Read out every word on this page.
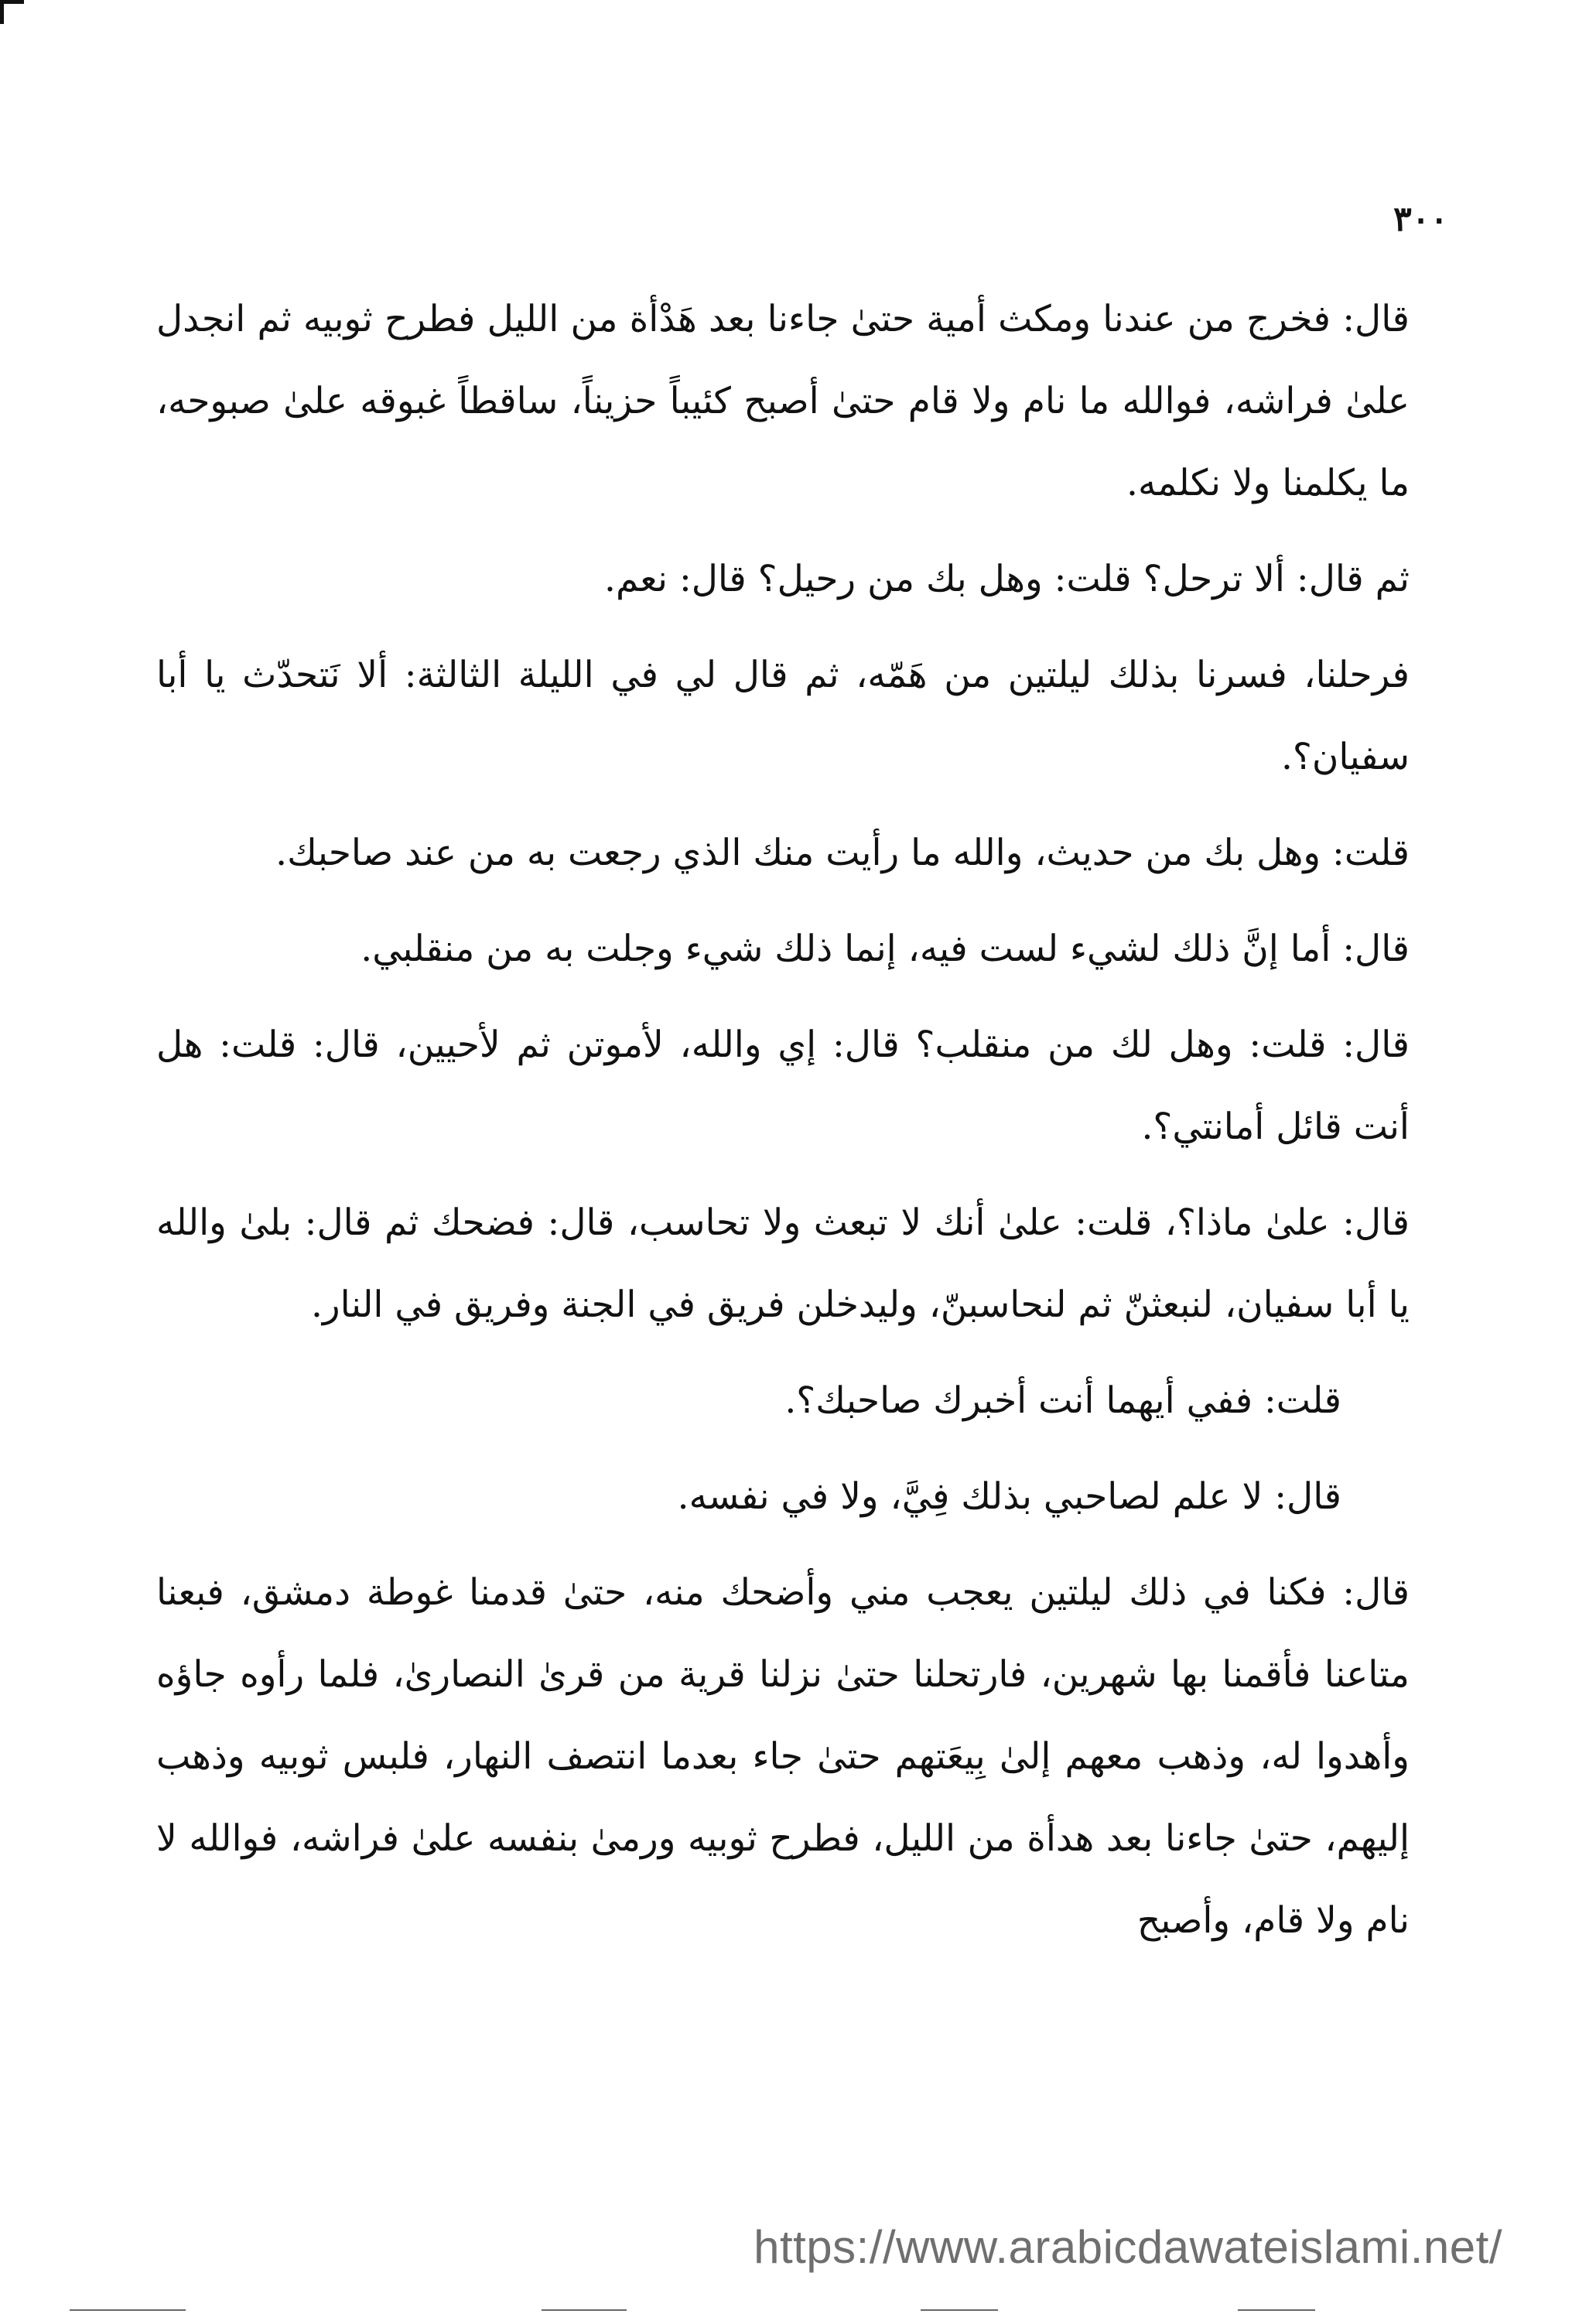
٣٠٠

قال: فخرج من عندنا ومكث أمية حتىٰ جاءنا بعد هَدْأة من الليل فطرح ثوبيه ثم انجدل علىٰ فراشه، فوالله ما نام ولا قام حتىٰ أصبح كئيباً حزيناً، ساقطاً غبوقه علىٰ صبوحه، ما يكلمنا ولا نكلمه.

ثم قال: ألا ترحل؟ قلت: وهل بك من رحيل؟ قال: نعم.

فرحلنا، فسرنا بذلك ليلتين من هَمّه، ثم قال لي في الليلة الثالثة: ألا نَتحدّث يا أبا سفيان؟.

قلت: وهل بك من حديث، والله ما رأيت منك الذي رجعت به من عند صاحبك.

قال: أما إنَّ ذلك لشيء لست فيه، إنما ذلك شيء وجلت به من منقلبي.

قال: قلت: وهل لك من منقلب؟ قال: إي والله، لأموتن ثم لأحيين، قال: قلت: هل أنت قائل أمانتي؟.

قال: علىٰ ماذا؟، قلت: علىٰ أنك لا تبعث ولا تحاسب، قال: فضحك ثم قال: بلىٰ والله يا أبا سفيان، لنبعثنّ ثم لنحاسبنّ، وليدخلن فريق في الجنة وفريق في النار.

قلت: ففي أيهما أنت أخبرك صاحبك؟.

قال: لا علم لصاحبي بذلك فِيَّ، ولا في نفسه.

قال: فكنا في ذلك ليلتين يعجب مني وأضحك منه، حتىٰ قدمنا غوطة دمشق، فبعنا متاعنا فأقمنا بها شهرين، فارتحلنا حتىٰ نزلنا قرية من قرىٰ النصارىٰ، فلما رأوه جاؤه وأهدوا له، وذهب معهم إلىٰ بِيعَتهم حتىٰ جاء بعدما انتصف النهار، فلبس ثوبيه وذهب إليهم، حتىٰ جاءنا بعد هدأة من الليل، فطرح ثوبيه ورمىٰ بنفسه علىٰ فراشه، فوالله لا نام ولا قام، وأصبح

https://www.arabicdawateislami.net/
